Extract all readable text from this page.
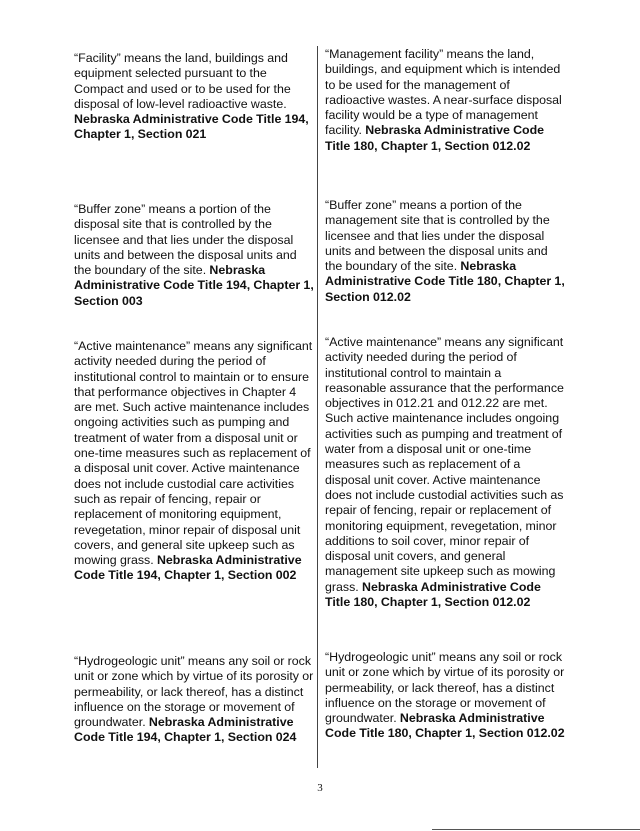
“Facility” means the land, buildings and equipment selected pursuant to the Compact and used or to be used for the disposal of low-level radioactive waste. Nebraska Administrative Code Title 194, Chapter 1, Section 021
“Management facility” means the land, buildings, and equipment which is intended to be used for the management of radioactive wastes. A near-surface disposal facility would be a type of management facility. Nebraska Administrative Code Title 180, Chapter 1, Section 012.02
“Buffer zone” means a portion of the disposal site that is controlled by the licensee and that lies under the disposal units and between the disposal units and the boundary of the site. Nebraska Administrative Code Title 194, Chapter 1, Section 003
“Buffer zone” means a portion of the management site that is controlled by the licensee and that lies under the disposal units and between the disposal units and the boundary of the site. Nebraska Administrative Code Title 180, Chapter 1, Section 012.02
“Active maintenance” means any significant activity needed during the period of institutional control to maintain or to ensure that performance objectives in Chapter 4 are met. Such active maintenance includes ongoing activities such as pumping and treatment of water from a disposal unit or one-time measures such as replacement of a disposal unit cover. Active maintenance does not include custodial care activities such as repair of fencing, repair or replacement of monitoring equipment, revegetation, minor repair of disposal unit covers, and general site upkeep such as mowing grass. Nebraska Administrative Code Title 194, Chapter 1, Section 002
“Active maintenance” means any significant activity needed during the period of institutional control to maintain a reasonable assurance that the performance objectives in 012.21 and 012.22 are met. Such active maintenance includes ongoing activities such as pumping and treatment of water from a disposal unit or one-time measures such as replacement of a disposal unit cover. Active maintenance does not include custodial activities such as repair of fencing, repair or replacement of monitoring equipment, revegetation, minor additions to soil cover, minor repair of disposal unit covers, and general management site upkeep such as mowing grass. Nebraska Administrative Code Title 180, Chapter 1, Section 012.02
“Hydrogeologic unit” means any soil or rock unit or zone which by virtue of its porosity or permeability, or lack thereof, has a distinct influence on the storage or movement of groundwater. Nebraska Administrative Code Title 194, Chapter 1, Section 024
“Hydrogeologic unit” means any soil or rock unit or zone which by virtue of its porosity or permeability, or lack thereof, has a distinct influence on the storage or movement of groundwater. Nebraska Administrative Code Title 180, Chapter 1, Section 012.02
3
